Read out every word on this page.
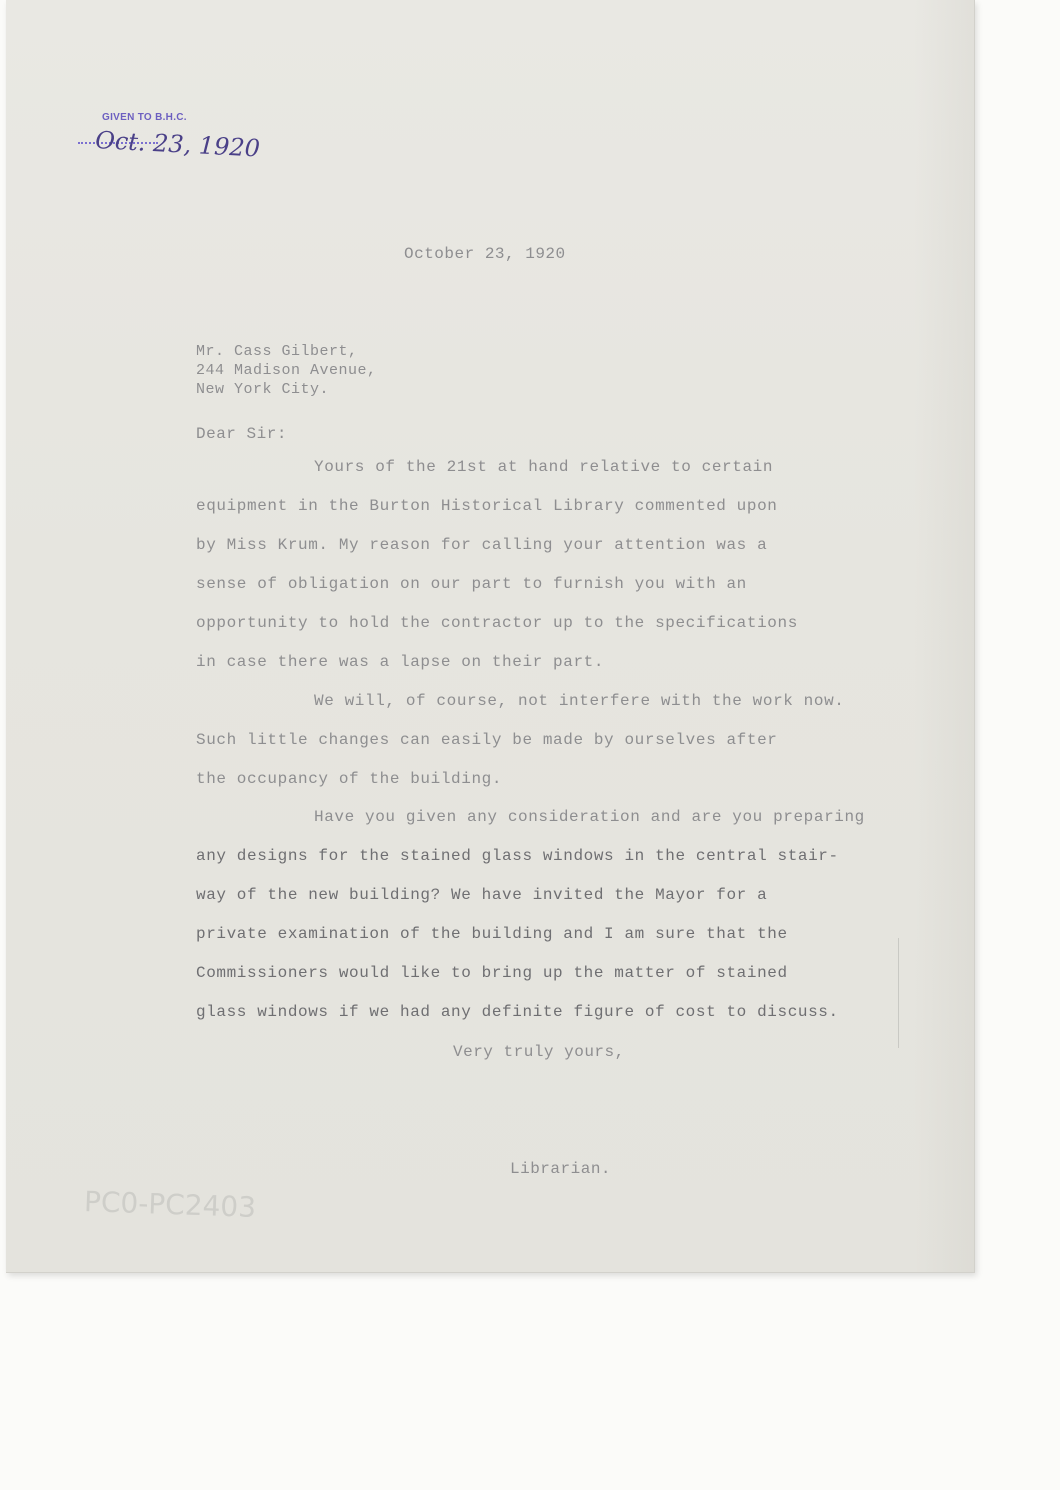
GIVEN TO B.H.C.
Oct. 23, 1920
October 23, 1920
Mr. Cass Gilbert,
244 Madison Avenue,
New York City.
Dear Sir:
Yours of the 21st at hand relative to certain
equipment in the Burton Historical Library commented upon
by Miss Krum. My reason for calling your attention was a
sense of obligation on our part to furnish you with an
opportunity to hold the contractor up to the specifications
in case there was a lapse on their part.
We will, of course, not interfere with the work now.
Such little changes can easily be made by ourselves after
the occupancy of the building.
Have you given any consideration and are you preparing
any designs for the stained glass windows in the central stair-
way of the new building? We have invited the Mayor for a
private examination of the building and I am sure that the
Commissioners would like to bring up the matter of stained
glass windows if we had any definite figure of cost to discuss.
Very truly yours,
Librarian.
PC0-PC2403
